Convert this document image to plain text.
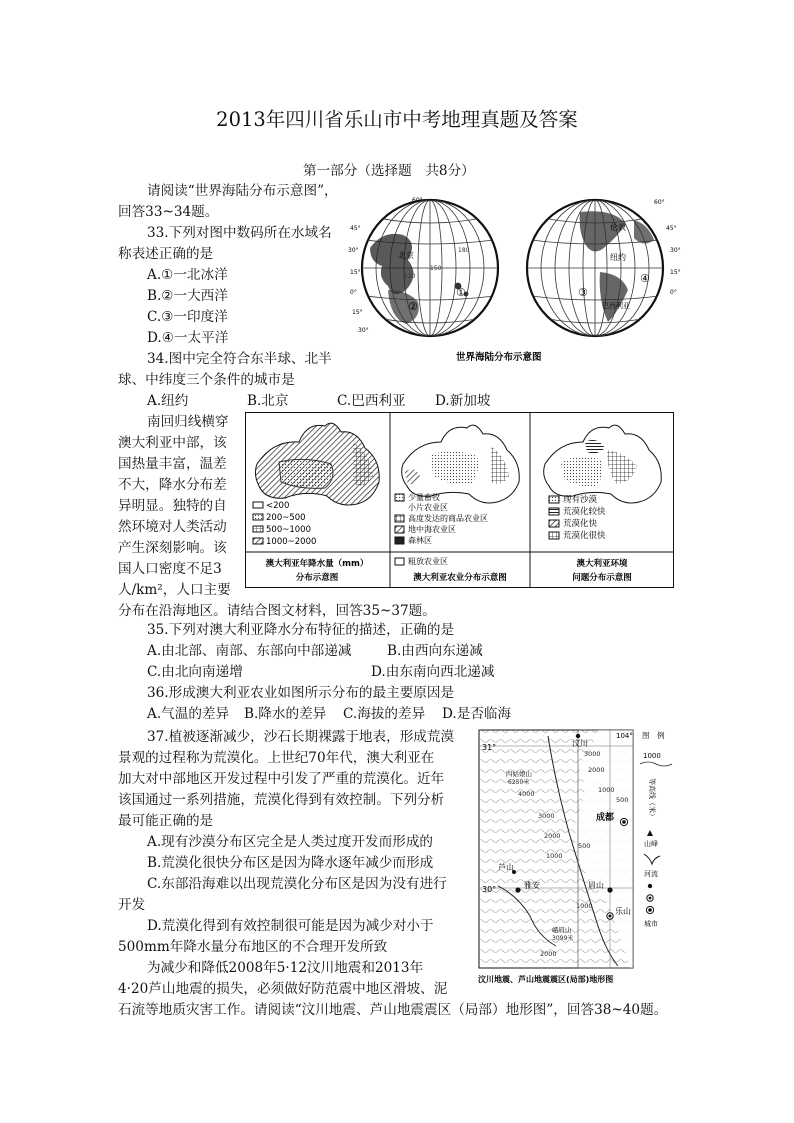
2013年四川省乐山市中考地理真题及答案
第一部分（选择题　共8分）
请阅读“世界海陆分布示意图”，
回答33~34题。
33.下列对图中数码所在水域名
称表述正确的是
A.①一北冰洋
B.②一大西洋
C.③一印度洋
D.④一太平洋
34.图中完全符合东半球、北半
球、中纬度三个条件的城市是
A.纽约	B.北京	C.巴西利亚 D.新加坡
北京
①
②
120
150
180
60°
45°
30°
15°
0°
15°
30°
伦敦
纽约
③
④
巴西利亚
60°
45°
30°
15°
0°
世界海陆分布示意图
南回归线横穿
澳大利亚中部，该
国热量丰富，温差
不大，降水分布差
异明显。独特的自
然环境对人类活动
产生深刻影响。该
国人口密度不足3
人/km²，人口主要
分布在沿海地区。请结合图文材料，回答35~37题。
<200
200~500
500~1000
1000~2000
澳大利亚年降水量（mm）
分布示意图
少量畜牧
小片农业区
高度发达的商品农业区
地中海农业区
森林区
粗放农业区
澳大利亚农业分布示意图
现有沙漠
荒漠化较快
荒漠化快
荒漠化很快
澳大利亚环境
问题分布示意图
35.下列对澳大利亚降水分布特征的描述，正确的是
A.由北部、南部、东部向中部递减	B.由西向东递减
C.由北向南递增	D.由东南向西北递减
36.形成澳大利亚农业如图所示分布的最主要原因是
A.气温的差异 B.降水的差异 C.海拔的差异 D.是否临海
37.植被逐渐减少，沙石长期裸露于地表，形成荒漠
景观的过程称为荒漠化。上世纪70年代，澳大利亚在
加大对中部地区开发过程中引发了严重的荒漠化。近年
该国通过一系列措施，荒漠化得到有效控制。下列分析
最可能正确的是
A.现有沙漠分布区完全是人类过度开发而形成的
B.荒漠化很快分布区是因为降水逐年减少而形成
C.东部沿海难以出现荒漠化分布区是因为没有进行
开发
D.荒漠化得到有效控制很可能是因为减少对小于
500mm年降水量分布地区的不合理开发所致
为减少和降低2008年5·12汶川地震和2013年
4·20芦山地震的损失，必须做好防范震中地区滑坡、泥
石流等地质灾害工作。请阅读“汶川地震、芦山地震震区（局部）地形图”，回答38~40题。
104°
31°
30°
汶川
成都
芦山
雅安	眉山
乐山
四姑娘山
峨眉山
3000
2000
1000
500
4000
3000
2000
1000
500
1000
2000
6250米
3099米
图　例
1000
等高线（米）
山峰
河流
城市
汶川地震、芦山地震震区(局部)地形图
